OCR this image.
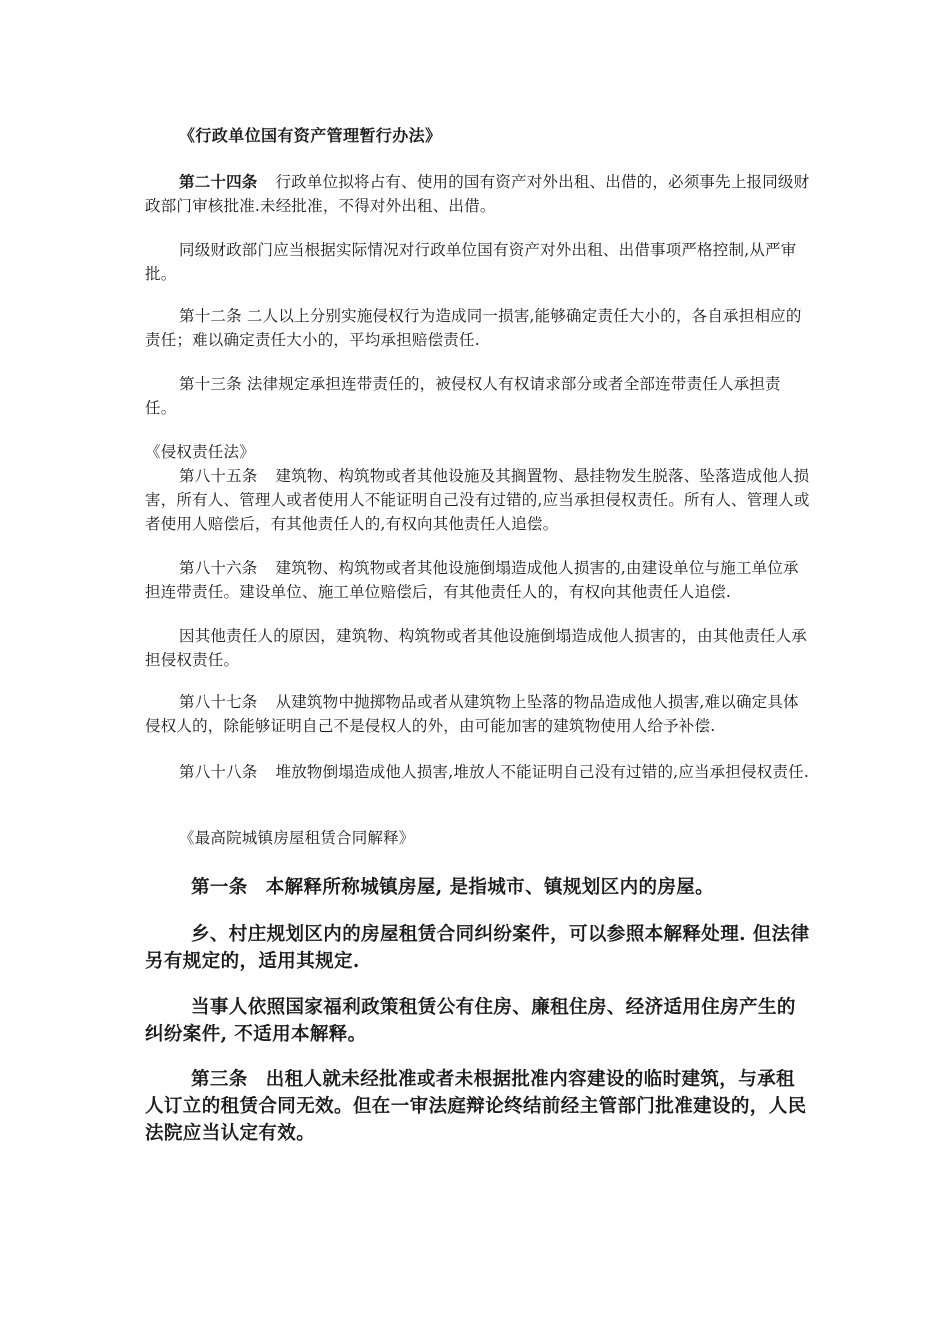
《行政单位国有资产管理暂行办法》

第二十四条 行政单位拟将占有、使用的国有资产对外出租、出借的，必须事先上报同级财政部门审核批准.未经批准，不得对外出租、出借。

同级财政部门应当根据实际情况对行政单位国有资产对外出租、出借事项严格控制,从严审批。

第十二条 二人以上分别实施侵权行为造成同一损害,能够确定责任大小的，各自承担相应的责任；难以确定责任大小的，平均承担赔偿责任.

第十三条 法律规定承担连带责任的，被侵权人有权请求部分或者全部连带责任人承担责任。

《侵权责任法》

第八十五条 建筑物、构筑物或者其他设施及其搁置物、悬挂物发生脱落、坠落造成他人损害，所有人、管理人或者使用人不能证明自己没有过错的,应当承担侵权责任。所有人、管理人或者使用人赔偿后，有其他责任人的,有权向其他责任人追偿。

第八十六条 建筑物、构筑物或者其他设施倒塌造成他人损害的,由建设单位与施工单位承担连带责任。建设单位、施工单位赔偿后，有其他责任人的，有权向其他责任人追偿.

因其他责任人的原因，建筑物、构筑物或者其他设施倒塌造成他人损害的，由其他责任人承担侵权责任。

第八十七条 从建筑物中抛掷物品或者从建筑物上坠落的物品造成他人损害,难以确定具体侵权人的，除能够证明自己不是侵权人的外，由可能加害的建筑物使用人给予补偿.

第八十八条 堆放物倒塌造成他人损害,堆放人不能证明自己没有过错的,应当承担侵权责任.

《最高院城镇房屋租赁合同解释》

第一条 本解释所称城镇房屋, 是指城市、镇规划区内的房屋。

乡、村庄规划区内的房屋租赁合同纠纷案件，可以参照本解释处理. 但法律另有规定的，适用其规定.

当事人依照国家福利政策租赁公有住房、廉租住房、经济适用住房产生的纠纷案件, 不适用本解释。

第三条 出租人就未经批准或者未根据批准内容建设的临时建筑，与承租人订立的租赁合同无效。但在一审法庭辩论终结前经主管部门批准建设的，人民法院应当认定有效。
